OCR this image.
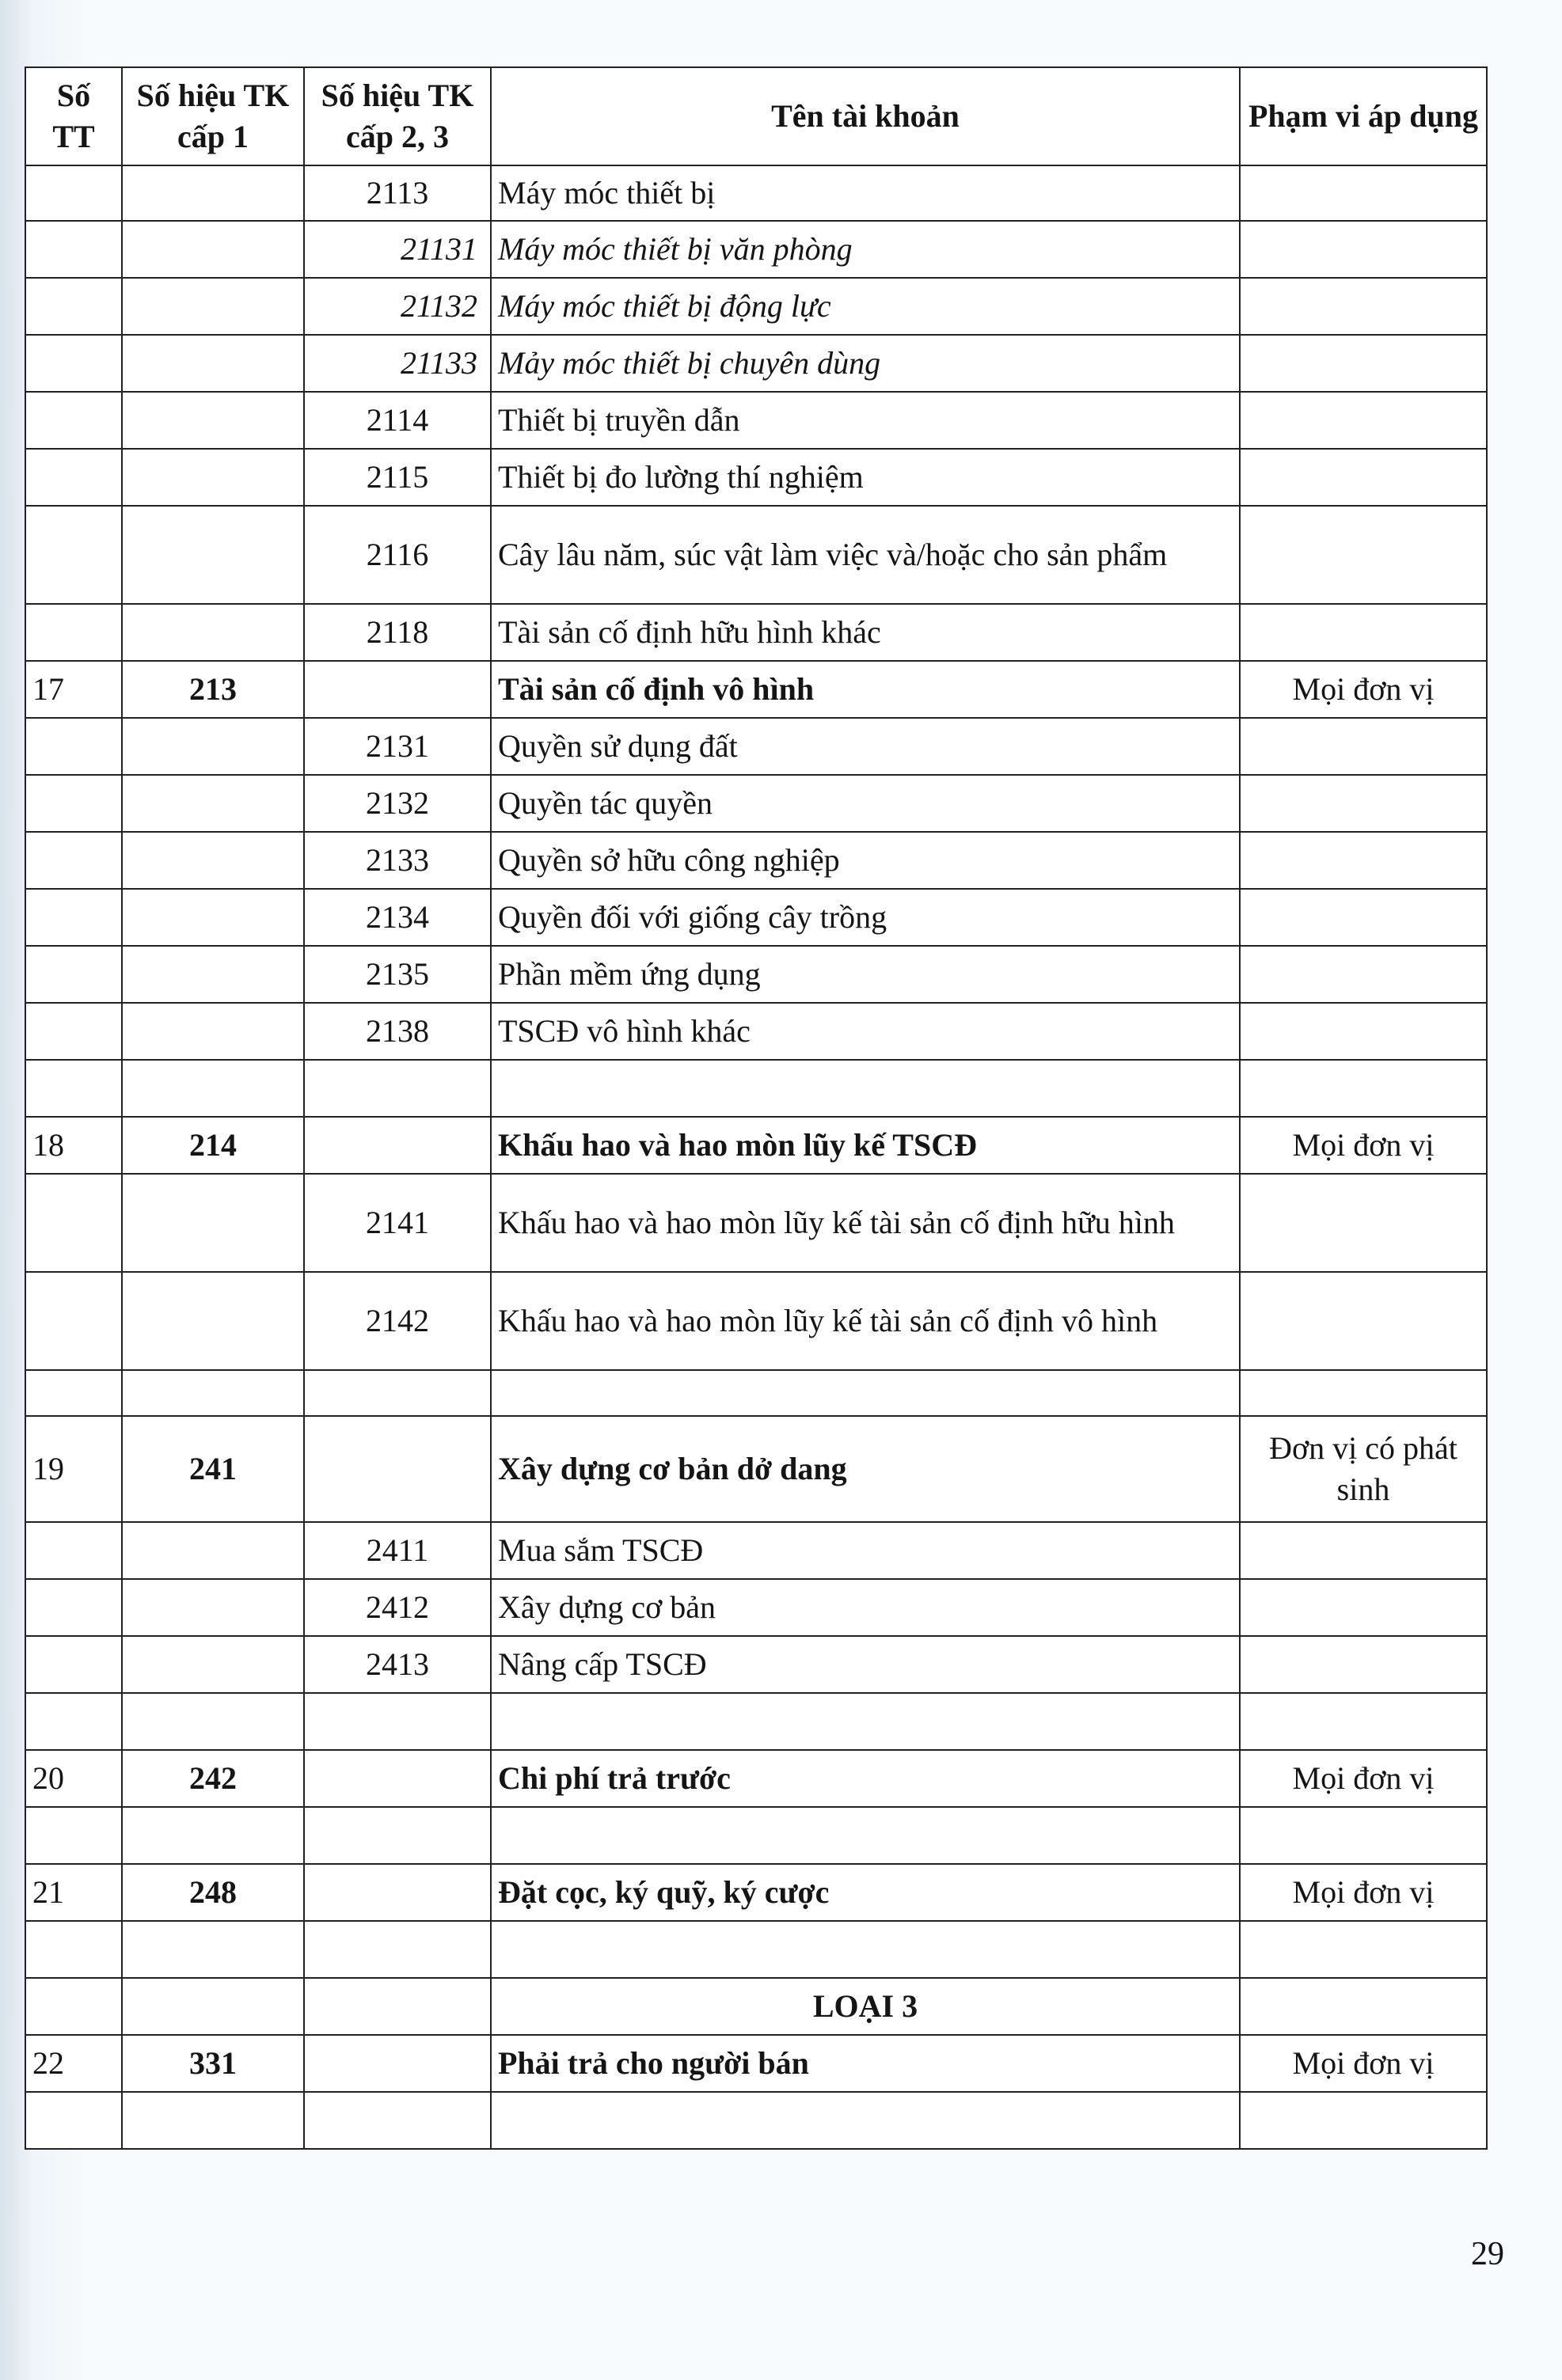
Số TT	Số hiệu TK cấp 1	Số hiệu TK cấp 2, 3	Tên tài khoản	Phạm vi áp dụng
		2113	Máy móc thiết bị	
		21131	Máy móc thiết bị văn phòng	
		21132	Máy móc thiết bị động lực	
		21133	Mảy móc thiết bị chuyên dùng	
		2114	Thiết bị truyền dẫn	
		2115	Thiết bị đo lường thí nghiệm	
		2116	Cây lâu năm, súc vật làm việc và/hoặc cho sản phẩm	
		2118	Tài sản cố định hữu hình khác	
17	213		Tài sản cố định vô hình	Mọi đơn vị
		2131	Quyền sử dụng đất	
		2132	Quyền tác quyền	
		2133	Quyền sở hữu công nghiệp	
		2134	Quyền đối với giống cây trồng	
		2135	Phần mềm ứng dụng	
		2138	TSCĐ vô hình khác	

18	214		Khấu hao và hao mòn lũy kế TSCĐ	Mọi đơn vị
		2141	Khấu hao và hao mòn lũy kế tài sản cố định hữu hình	
		2142	Khấu hao và hao mòn lũy kế tài sản cố định vô hình	

19	241		Xây dựng cơ bản dở dang	Đơn vị có phát sinh
		2411	Mua sắm TSCĐ	
		2412	Xây dựng cơ bản	
		2413	Nâng cấp TSCĐ	

20	242		Chi phí trả trước	Mọi đơn vị

21	248		Đặt cọc, ký quỹ, ký cược	Mọi đơn vị

			LOẠI 3	
22	331		Phải trả cho người bán	Mọi đơn vị

29
